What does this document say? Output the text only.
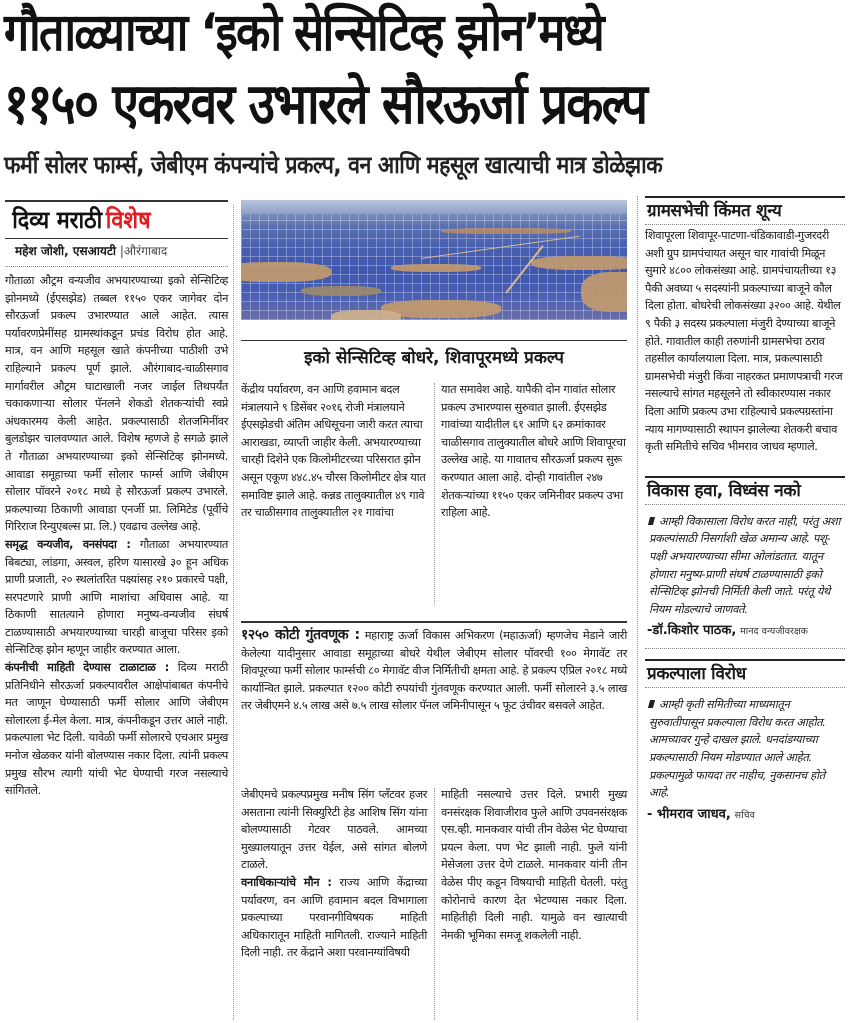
गौताळ्याच्या ‘इको सेन्सिटिव्ह झोन’मध्ये
११५० एकरवर उभारले सौरऊर्जा प्रकल्प
फर्मी सोलर फार्म्स, जेबीएम कंपन्यांचे प्रकल्प, वन आणि महसूल खात्याची मात्र डोळेझाक
दिव्य मराठी विशेष
महेश जोशी, एसआयटी |औरंगाबाद

गौताळा औट्रम वन्यजीव अभयारण्याच्या इको सेन्सिटिव्ह झोनमध्ये (ईएसझेड) तब्बल ११५० एकर जागेवर दोन सौरऊर्जा प्रकल्प उभारण्यात आले आहेत. त्यास पर्यावरणप्रेमींसह ग्रामस्थांकडून प्रचंड विरोध होत आहे. मात्र, वन आणि महसूल खाते कंपनीच्या पाठीशी उभे राहिल्याने प्रकल्प पूर्ण झाले. औरंगाबाद-चाळीसगाव मार्गावरील औट्रम घाटाखाली नजर जाईल तिथपर्यंत चकाकणाऱ्या सोलार पॅनलने शेकडो शेतकऱ्यांची स्वप्ने अंधकारमय केली आहेत. प्रकल्पासाठी शेतजमिनींवर बुलडोझर चालवण्यात आले. विशेष म्हणजे हे सगळे झाले ते गौताळा अभयारण्याच्या इको सेन्सिटिव्ह झोनमध्ये. आवाडा समूहाच्या फर्मी सोलार फार्म्स आणि जेबीएम सोलार पॉवरने २०१८ मध्ये हे सौरऊर्जा प्रकल्प उभारले. प्रकल्पाच्या ठिकाणी आवाडा एनर्जी प्रा. लिमिटेड (पूर्वीचे गिरिराज रिन्युएबल्स प्रा. लि.) एवढाच उल्लेख आहे.

समृद्ध वन्यजीव, वनसंपदा : गौताळा अभयारण्यात बिबट्या, लांडगा, अस्वल, हरिण यासारखे ३० हून अधिक प्राणी प्रजाती, २० स्थलांतरित पक्ष्यांसह २१० प्रकारचे पक्षी, सरपटणारे प्राणी आणि माशांचा अधिवास आहे. या ठिकाणी सातत्याने होणारा मनुष्य-वन्यजीव संघर्ष टाळण्यासाठी अभयारण्याच्या चारही बाजूचा परिसर इको सेन्सिटिव्ह झोन म्हणून जाहीर करण्यात आला.

कंपनीची माहिती देण्यास टाळाटाळ : दिव्य मराठी प्रतिनिधीने सौरऊर्जा प्रकल्पावरील आक्षेपांबाबत कंपनीचे मत जाणून घेण्यासाठी फर्मी सोलार आणि जेबीएम सोलारला ई-मेल केला. मात्र, कंपनीकडून उत्तर आले नाही. प्रकल्पाला भेट दिली. यावेळी फर्मी सोलारचे एचआर प्रमुख मनोज खेळकर यांनी बोलण्यास नकार दिला. त्यांनी प्रकल्प प्रमुख सौरभ त्यागी यांची भेट घेण्याची गरज नसल्याचे सांगितले.

इको सेन्सिटिव्ह बोधरे, शिवापूरमध्ये प्रकल्प

केंद्रीय पर्यावरण, वन आणि हवामान बदल मंत्रालयाने ९ डिसेंबर २०१६ रोजी मंत्रालयाने ईएसझेडची अंतिम अधिसूचना जारी करत त्याचा आराखडा, व्याप्ती जाहीर केली. अभयारण्याच्या चारही दिशेने एक किलोमीटरच्या परिसरात झोन असून एकूण ४४८.४५ चौरस किलोमीटर क्षेत्र यात समाविष्ट झाले आहे. कन्नड तालुक्यातील ४९ गावे तर चाळीसगाव तालुक्यातील २१ गावांचा

यात समावेश आहे. यापैकी दोन गावांत सोलार प्रकल्प उभारण्यास सुरुवात झाली. ईएसझेड गावांच्या यादीतील ६१ आणि ६२ क्रमांकावर चाळीसगाव तालुक्यातील बोधरे आणि शिवापूरचा उल्लेख आहे. या गावातच सौरऊर्जा प्रकल्प सुरू करण्यात आला आहे. दोन्ही गावांतील २४७ शेतकऱ्यांच्या ११५० एकर जमिनीवर प्रकल्प उभा राहिला आहे.

१२५० कोटी गुंतवणूक : महाराष्ट्र ऊर्जा विकास अभिकरण (महाऊर्जा) म्हणजेच मेडाने जारी केलेल्या यादीनुसार आवाडा समूहाच्या बोधरे येथील जेबीएम सोलार पॉवरची १०० मेगावॅट तर शिवपूरच्या फर्मी सोलार फार्म्सची ८० मेगावॅट वीज निर्मितीची क्षमता आहे. हे प्रकल्प एप्रिल २०१८ मध्ये कार्यान्वित झाले. प्रकल्पात १२०० कोटी रुपयांची गुंतवणूक करण्यात आली. फर्मी सोलारने ३.५ लाख तर जेबीएमने ४.५ लाख असे ७.५ लाख सोलार पॅनल जमिनीपासून ५ फूट उंचीवर बसवले आहेत.

जेबीएमचे प्रकल्पप्रमुख मनीष सिंग प्लँटवर हजर असताना त्यांनी सिक्युरिटी हेड आशिष सिंग यांना बोलण्यासाठी गेटवर पाठवले. आमच्या मुख्यालयातून उत्तर येईल, असे सांगत बोलणे टाळले.

वनाधिकाऱ्यांचे मौन : राज्य आणि केंद्राच्या पर्यावरण, वन आणि हवामान बदल विभागाला प्रकल्पाच्या परवानगीविषयक माहिती अधिकारातून माहिती मागितली. राज्याने माहिती दिली नाही. तर केंद्राने अशा परवानग्यांविषयी

माहिती नसल्याचे उत्तर दिले. प्रभारी मुख्य वनसंरक्षक शिवाजीराव फुले आणि उपवनसंरक्षक एस.व्ही. मानकवार यांची तीन वेळेस भेट घेण्याचा प्रयत्न केला. पण भेट झाली नाही. फुले यांनी मेसेजला उत्तर देणे टाळले. मानकवार यांनी तीन वेळेस पीए कडून विषयाची माहिती घेतली. परंतु कोरोनाचे कारण देत भेटण्यास नकार दिला. माहितीही दिली नाही. यामुळे वन खात्याची नेमकी भूमिका समजू शकलेली नाही.

ग्रामसभेची किंमत शून्य

शिवापूरला शिवापूर-पाटणा-चंडिकावाडी-गुजरदरी अशी ग्रुप ग्रामपंचायत असून चार गावांची मिळून सुमारे ४८०० लोकसंख्या आहे. ग्रामपंचायतीच्या १३ पैकी अवघ्या ५ सदस्यांनी प्रकल्पाच्या बाजूने कौल दिला होता. बोधरेची लोकसंख्या ३२०० आहे. येथील ९ पैकी ३ सदस्य प्रकल्पाला मंजुरी देण्याच्या बाजूने होते. गावातील काही तरुणांनी ग्रामसभेचा ठराव तहसील कार्यालयाला दिला. मात्र, प्रकल्पासाठी ग्रामसभेची मंजुरी किंवा नाहरकत प्रमाणपत्राची गरज नसल्याचे सांगत महसूलने तो स्वीकारण्यास नकार दिला आणि प्रकल्प उभा राहिल्याचे प्रकल्पग्रस्तांना न्याय मागण्यासाठी स्थापन झालेल्या शेतकरी बचाव कृती समितीचे सचिव भीमराव जाधव म्हणाले.

विकास हवा, विध्वंस नको
आम्ही विकासाला विरोध करत नाही, परंतु अशा प्रकल्पांसाठी निसर्गाशी खेळ अमान्य आहे. पशू-पक्षी अभयारण्याच्या सीमा ओलांडतात. यातून होणारा मनुष्य-प्राणी संघर्ष टाळण्यासाठी इको सेन्सिटिव्ह झोनची निर्मिती केली जाते. परंतू येथे नियम मोडल्याचे जाणवते.
-डॉ.किशोर पाठक, मानद वन्यजीवरक्षक
प्रकल्पाला विरोध
आम्ही कृती समितीच्या माध्यमातून सुरुवातीपासून प्रकल्पाला विरोध करत आहोत. आमच्यावर गुन्हे दाखल झाले. धनदांडग्याच्या प्रकल्पासाठी नियम मोडण्यात आले आहेत. प्रकल्पामुळे फायदा तर नाहीच, नुकसानच होते आहे.
- भीमराव जाधव, सचिव
